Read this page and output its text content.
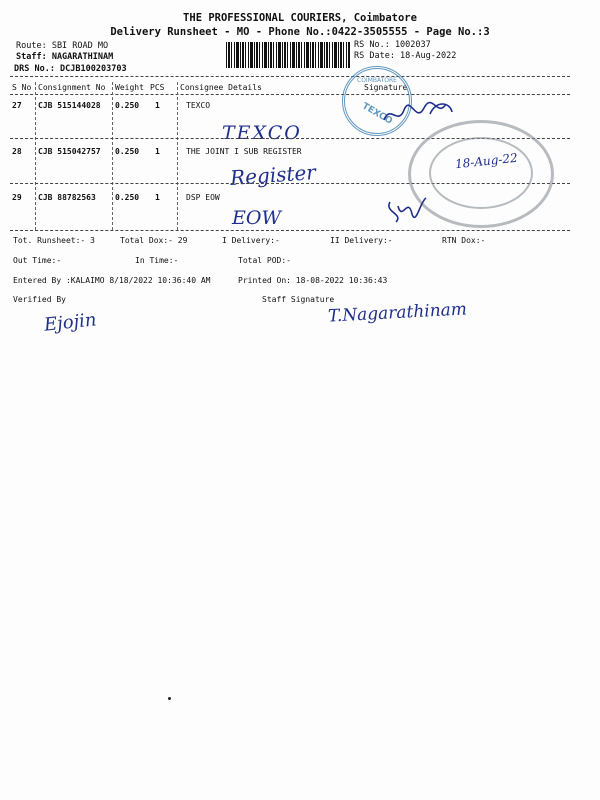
THE PROFESSIONAL COURIERS, Coimbatore
Delivery Runsheet - MO - Phone No.:0422-3505555 - Page No.:3
Route: SBI ROAD MO
Staff: NAGARATHINAM
DRS No.: DCJB100203703
RS No.: 1002037
RS Date: 18-Aug-2022
S No Consignment No Weight PCS Consignee Details	Signature
27 CJB 515144028 0.250 1	TEXCO
TEXCO
28 CJB 515042757 0.250 1	THE JOINT I SUB REGISTER
Register
29 CJB 88782563 0.250 1	DSP EOW
EOW
COIMBATORE
TEXCO
18-Aug-22
Tot. Runsheet:- 3	Total Dox:- 29	I Delivery:-	II Delivery:-	RTN Dox:-
Out Time:-	In Time:-	Total POD:-
Entered By :KALAIMO 8/18/2022 10:36:40 AM	Printed On: 18-08-2022 10:36:43
Verified By	Staff Signature
Ejojin	T.Nagarathinam
